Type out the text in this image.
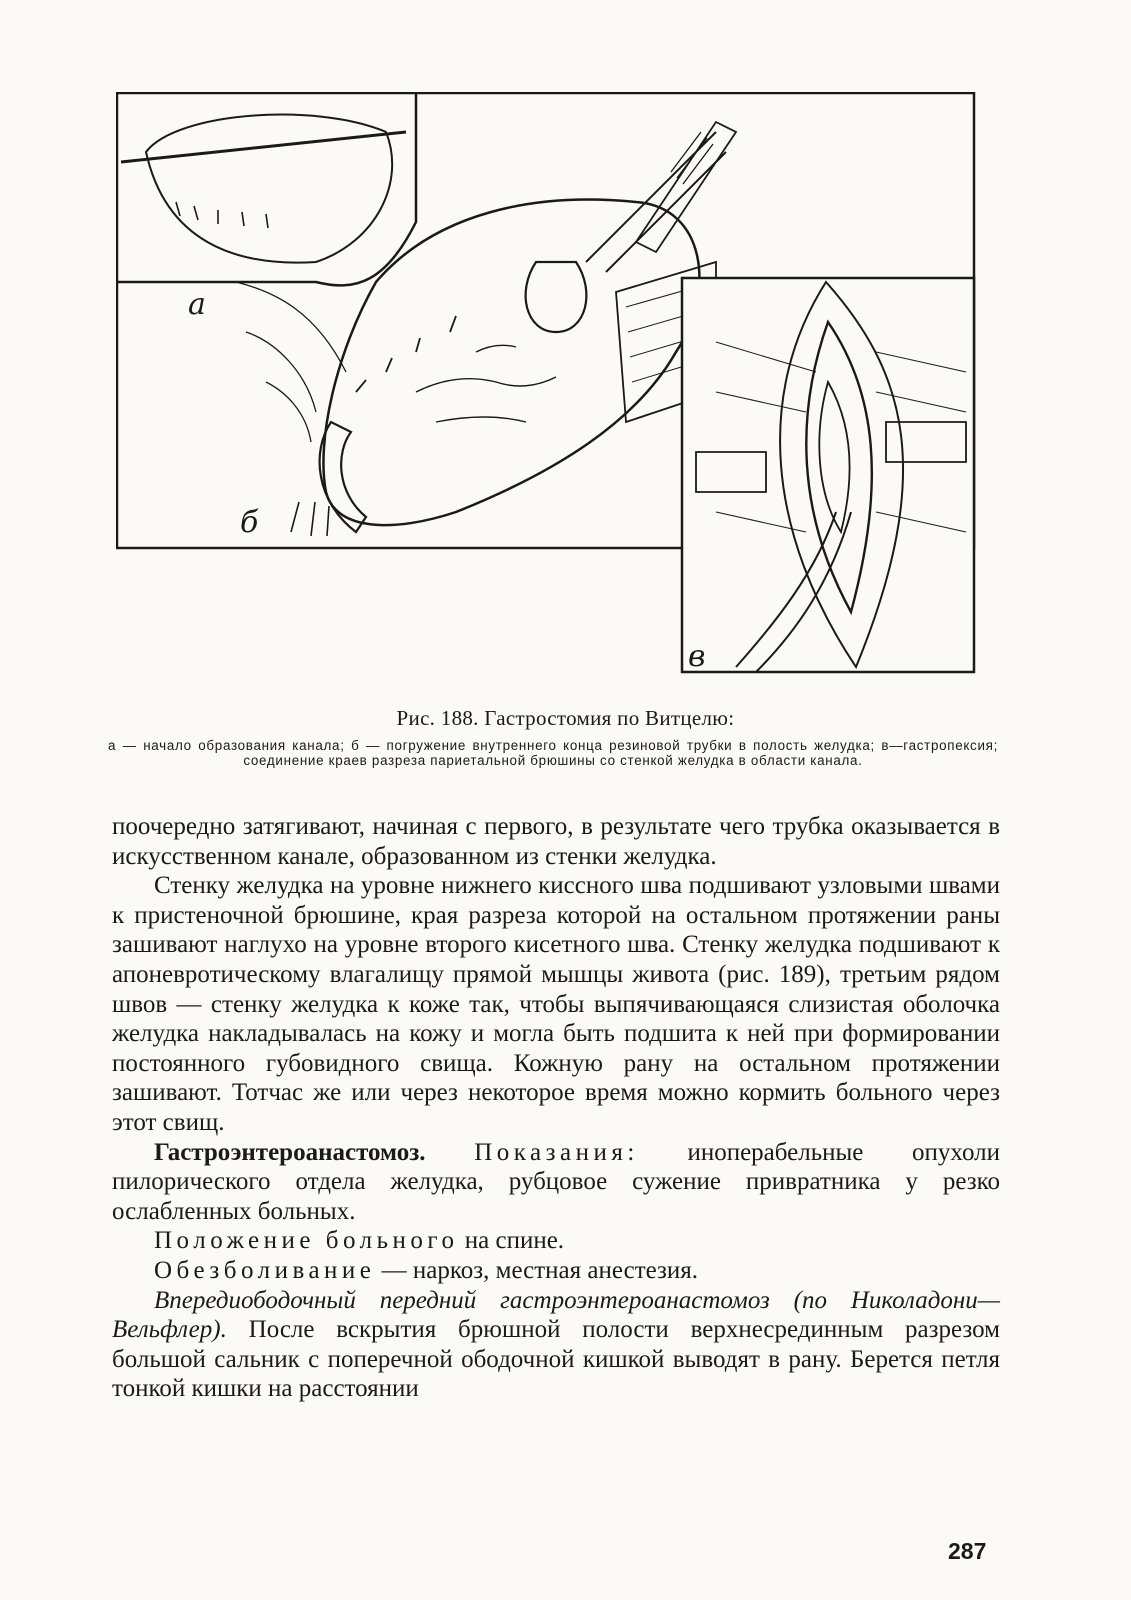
а
б
в
Рис. 188. Гастростомия по Витцелю:
а — начало образования канала; б — погружение внутреннего конца резиновой трубки в полость желудка; в—гастропексия; соединение краев разреза париетальной брюшины со стенкой желудка в области канала.

поочередно затягивают, начиная с первого, в результате чего трубка оказывается в искусственном канале, образованном из стенки желудка.

Стенку желудка на уровне нижнего киссного шва подшивают узловыми швами к пристеночной брюшине, края разреза которой на остальном протяжении раны зашивают наглухо на уровне второго кисетного шва. Стенку желудка подшивают к апоневротическому влагалищу прямой мышцы живота (рис. 189), третьим рядом швов — стенку желудка к коже так, чтобы выпячивающаяся слизистая оболочка желудка накладывалась на кожу и могла быть подшита к ней при формировании постоянного губовидного свища. Кожную рану на остальном протяжении зашивают. Тотчас же или через некоторое время можно кормить больного через этот свищ.

Гастроэнтероанастомоз. Показания: иноперабельные опухоли пилорического отдела желудка, рубцовое сужение привратника у резко ослабленных больных.

Положение больного на спине.

Обезболивание — наркоз, местная анестезия.

Впередиободочный передний гастроэнтероанастомоз (по Николадони—Вельфлер). После вскрытия брюшной полости верхнесрединным разрезом большой сальник с поперечной ободочной кишкой выводят в рану. Берется петля тонкой кишки на расстоянии

287
